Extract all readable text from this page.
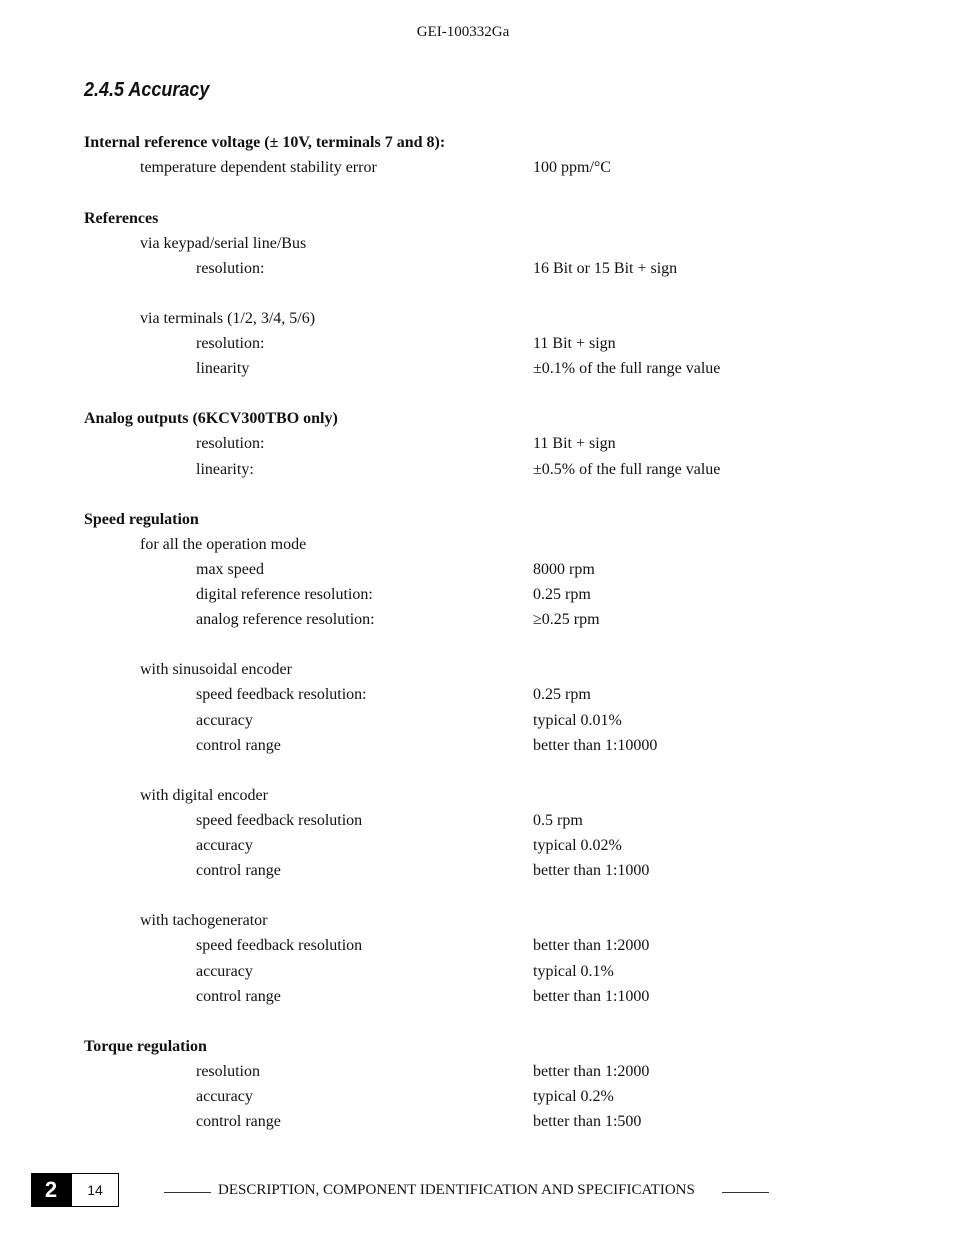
GEI-100332Ga
2.4.5 Accuracy
Internal reference voltage (± 10V, terminals 7 and 8):
temperature dependent stability error	100 ppm/°C
References
via keypad/serial line/Bus
resolution:	16 Bit or 15 Bit + sign
via terminals (1/2, 3/4, 5/6)
resolution:	11 Bit + sign
linearity	±0.1% of the full range value
Analog outputs (6KCV300TBO only)
resolution:	11 Bit + sign
linearity:	±0.5% of the full range value
Speed regulation
for all the operation mode
max speed	8000 rpm
digital reference resolution:	0.25 rpm
analog reference resolution:	≥0.25 rpm
with sinusoidal encoder
speed feedback resolution:	0.25 rpm
accuracy	typical 0.01%
control range	better than 1:10000
with digital encoder
speed feedback resolution	0.5 rpm
accuracy	typical 0.02%
control range	better than 1:1000
with tachogenerator
speed feedback resolution	better than 1:2000
accuracy	typical 0.1%
control range	better than 1:1000
Torque regulation
resolution	better than 1:2000
accuracy	typical 0.2%
control range	better than 1:500
2	14	DESCRIPTION, COMPONENT IDENTIFICATION AND SPECIFICATIONS
